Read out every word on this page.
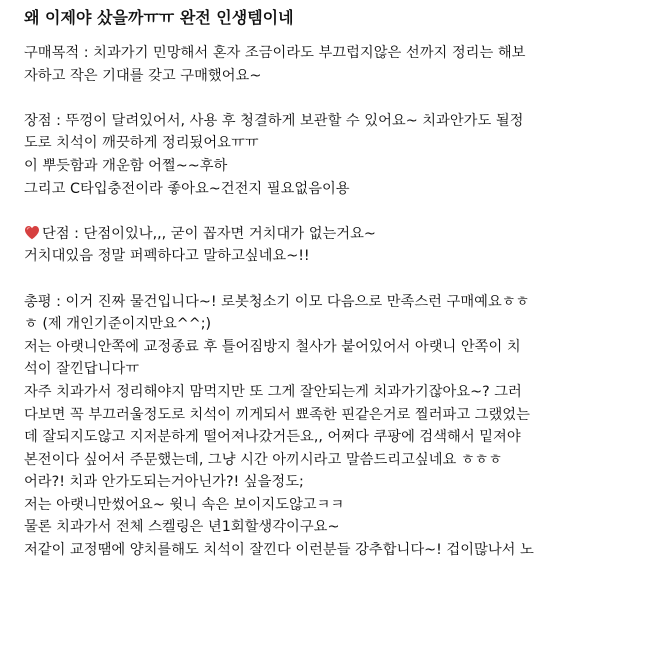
왜 이제야 샀을까ㅠㅠ 완전 인생템이네
구매목적 : 치과가기 민망해서 혼자 조금이라도 부끄럽지않은 선까지 정리는 해보
자하고 작은 기대를 갖고 구매했어요~
장점 : 뚜껑이 달려있어서, 사용 후 청결하게 보관할 수 있어요~ 치과안가도 될정
도로 치석이 깨끗하게 정리됬어요ㅠㅠ
이 뿌듯함과 개운함 어쩔~~후하
그리고 C타입충전이라 좋아요~건전지 필요없음이용
단점 : 단점이있나,,, 굳이 꼽자면 거치대가 없는거요~
거치대있음 정말 퍼펙하다고 말하고싶네요~!!
총평 : 이거 진짜 물건입니다~! 로봇청소기 이모 다음으로 만족스런 구매예요ㅎㅎ
ㅎ (제 개인기준이지만요^^;)
저는 아랫니안쪽에 교정종료 후 틀어짐방지 철사가 붙어있어서 아랫니 안쪽이 치
석이 잘낀답니다ㅠ
자주 치과가서 정리해야지 맘먹지만 또 그게 잘안되는게 치과가기잖아요~? 그러
다보면 꼭 부끄러울정도로 치석이 끼게되서 뾰족한 핀같은거로 찔러파고 그랬었는
데 잘되지도않고 지저분하게 떨어져나갔거든요,, 어쩌다 쿠팡에 검색해서 밑져야
본전이다 싶어서 주문했는데, 그냥 시간 아끼시라고 말씀드리고싶네요 ㅎㅎㅎ
어라?! 치과 안가도되는거아닌가?! 싶을정도;
저는 아랫니만썼어요~ 윗니 속은 보이지도않고ㅋㅋ
물론 치과가서 전체 스켈링은 년1회할생각이구요~
저같이 교정땜에 양치를해도 치석이 잘낀다 이런분들 강추합니다~! 겁이많나서 노
